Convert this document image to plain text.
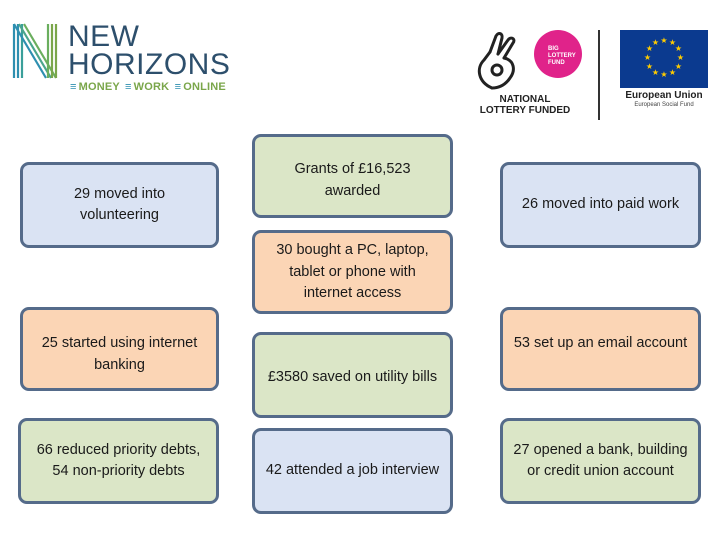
NEW
HORIZONS
≡ MONEY ≡ WORK ≡ ONLINE
BIG LOTTERY FUND
NATIONAL
LOTTERY FUNDED
★ ★
★
★
★
★
★
★
★
★
★
★
European Union
European Social Fund
29 moved into volunteering
Grants of £16,523 awarded
26 moved into paid work
30 bought a PC, laptop, tablet or phone with internet access
25 started using internet banking
£3580 saved on utility bills
53 set up an email account
66 reduced priority debts, 54 non-priority debts	42 attended a job interview
27 opened a bank, building or credit union account
